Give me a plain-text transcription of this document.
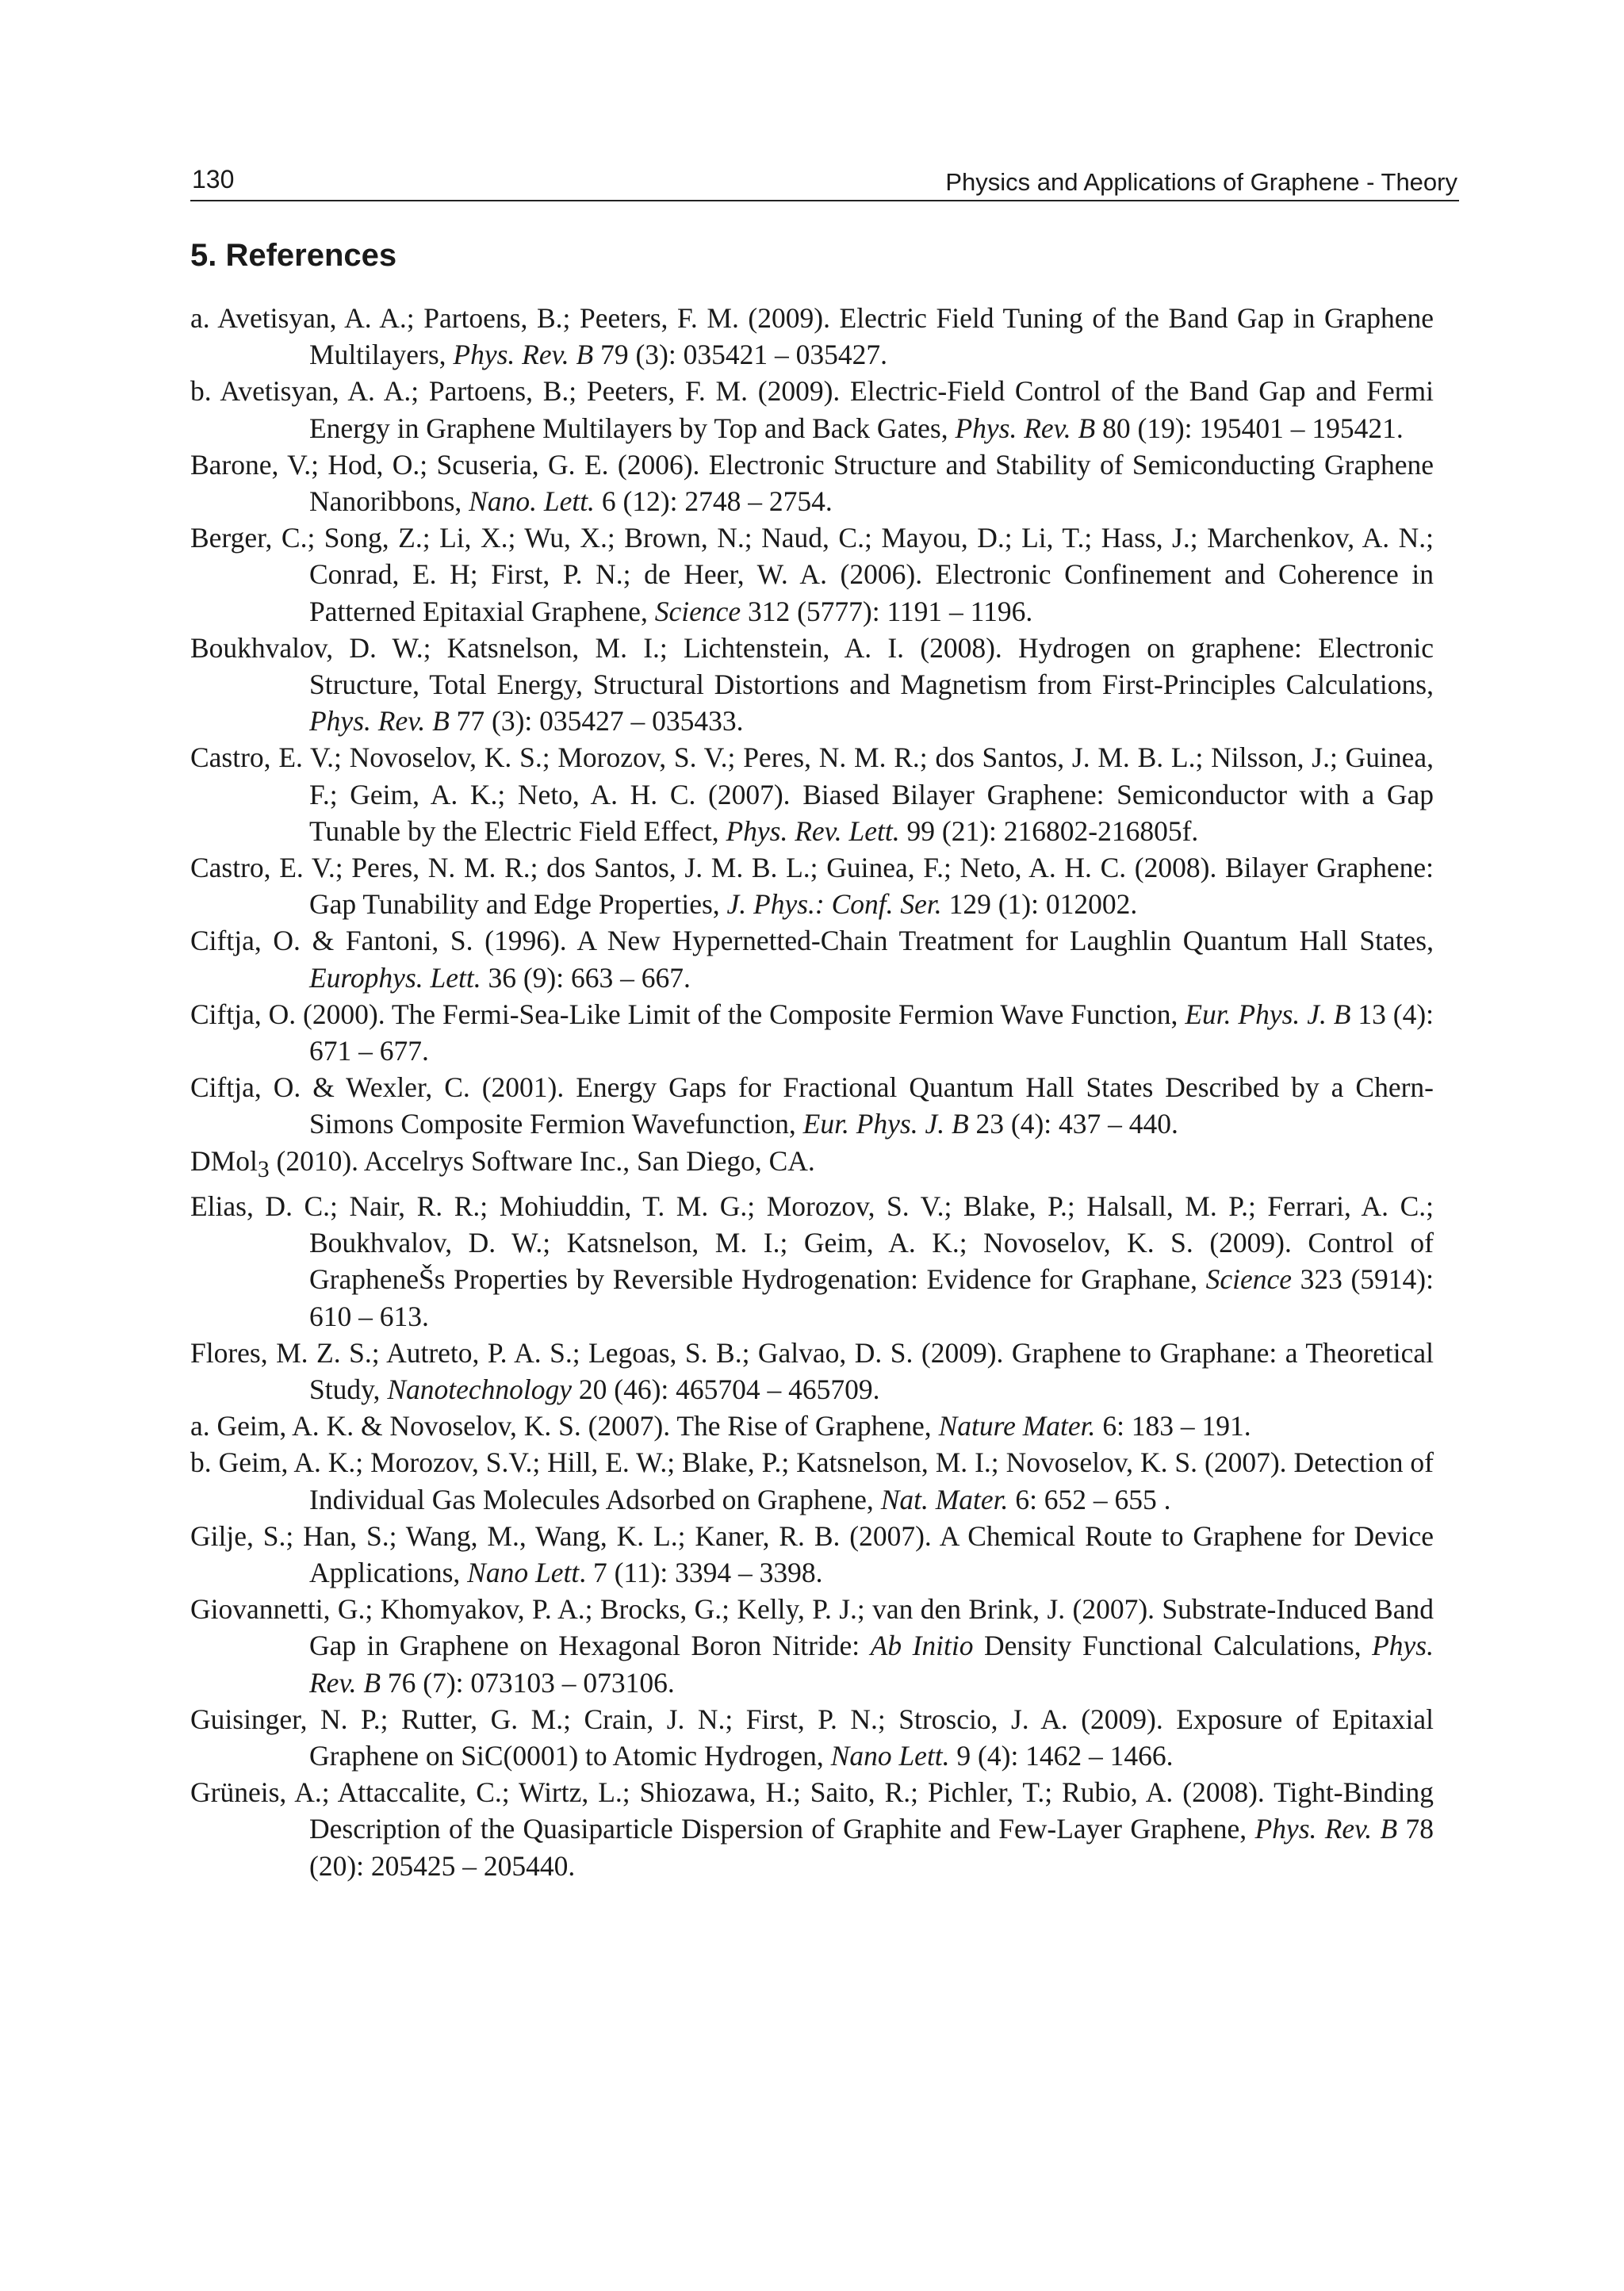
130	Physics and Applications of Graphene - Theory
5. References
a. Avetisyan, A. A.; Partoens, B.; Peeters, F. M. (2009). Electric Field Tuning of the Band Gap in Graphene Multilayers, Phys. Rev. B 79 (3): 035421 – 035427.
b. Avetisyan, A. A.; Partoens, B.; Peeters, F. M. (2009). Electric-Field Control of the Band Gap and Fermi Energy in Graphene Multilayers by Top and Back Gates, Phys. Rev. B 80 (19): 195401 – 195421.
Barone, V.; Hod, O.; Scuseria, G. E. (2006). Electronic Structure and Stability of Semiconducting Graphene Nanoribbons, Nano. Lett. 6 (12): 2748 – 2754.
Berger, C.; Song, Z.; Li, X.; Wu, X.; Brown, N.; Naud, C.; Mayou, D.; Li, T.; Hass, J.; Marchenkov, A. N.; Conrad, E. H; First, P. N.; de Heer, W. A. (2006). Electronic Confinement and Coherence in Patterned Epitaxial Graphene, Science 312 (5777): 1191 – 1196.
Boukhvalov, D. W.; Katsnelson, M. I.; Lichtenstein, A. I. (2008). Hydrogen on graphene: Electronic Structure, Total Energy, Structural Distortions and Magnetism from First-Principles Calculations, Phys. Rev. B 77 (3): 035427 – 035433.
Castro, E. V.; Novoselov, K. S.; Morozov, S. V.; Peres, N. M. R.; dos Santos, J. M. B. L.; Nilsson, J.; Guinea, F.; Geim, A. K.; Neto, A. H. C. (2007). Biased Bilayer Graphene: Semiconductor with a Gap Tunable by the Electric Field Effect, Phys. Rev. Lett. 99 (21): 216802-216805f.
Castro, E. V.; Peres, N. M. R.; dos Santos, J. M. B. L.; Guinea, F.; Neto, A. H. C. (2008). Bilayer Graphene: Gap Tunability and Edge Properties, J. Phys.: Conf. Ser. 129 (1): 012002.
Ciftja, O. & Fantoni, S. (1996). A New Hypernetted-Chain Treatment for Laughlin Quantum Hall States, Europhys. Lett. 36 (9): 663 – 667.
Ciftja, O. (2000). The Fermi-Sea-Like Limit of the Composite Fermion Wave Function, Eur. Phys. J. B 13 (4): 671 – 677.
Ciftja, O. & Wexler, C. (2001). Energy Gaps for Fractional Quantum Hall States Described by a Chern-Simons Composite Fermion Wavefunction, Eur. Phys. J. B 23 (4): 437 – 440.
DMol$_3$ (2010). Accelrys Software Inc., San Diego, CA.
Elias, D. C.; Nair, R. R.; Mohiuddin, T. M. G.; Morozov, S. V.; Blake, P.; Halsall, M. P.; Ferrari, A. C.; Boukhvalov, D. W.; Katsnelson, M. I.; Geim, A. K.; Novoselov, K. S. (2009). Control of GrapheneŠs Properties by Reversible Hydrogenation: Evidence for Graphane, Science 323 (5914): 610 – 613.
Flores, M. Z. S.; Autreto, P. A. S.; Legoas, S. B.; Galvao, D. S. (2009). Graphene to Graphane: a Theoretical Study, Nanotechnology 20 (46): 465704 – 465709.
a. Geim, A. K. & Novoselov, K. S. (2007). The Rise of Graphene, Nature Mater. 6: 183 – 191.
b. Geim, A. K.; Morozov, S.V.; Hill, E. W.; Blake, P.; Katsnelson, M. I.; Novoselov, K. S. (2007). Detection of Individual Gas Molecules Adsorbed on Graphene, Nat. Mater. 6: 652 – 655 .
Gilje, S.; Han, S.; Wang, M., Wang, K. L.; Kaner, R. B. (2007). A Chemical Route to Graphene for Device Applications, Nano Lett. 7 (11): 3394 – 3398.
Giovannetti, G.; Khomyakov, P. A.; Brocks, G.; Kelly, P. J.; van den Brink, J. (2007). Substrate-Induced Band Gap in Graphene on Hexagonal Boron Nitride: Ab Initio Density Functional Calculations, Phys. Rev. B 76 (7): 073103 – 073106.
Guisinger, N. P.; Rutter, G. M.; Crain, J. N.; First, P. N.; Stroscio, J. A. (2009). Exposure of Epitaxial Graphene on SiC(0001) to Atomic Hydrogen, Nano Lett. 9 (4): 1462 – 1466.
Grüneis, A.; Attaccalite, C.; Wirtz, L.; Shiozawa, H.; Saito, R.; Pichler, T.; Rubio, A. (2008). Tight-Binding Description of the Quasiparticle Dispersion of Graphite and Few-Layer Graphene, Phys. Rev. B 78 (20): 205425 – 205440.
